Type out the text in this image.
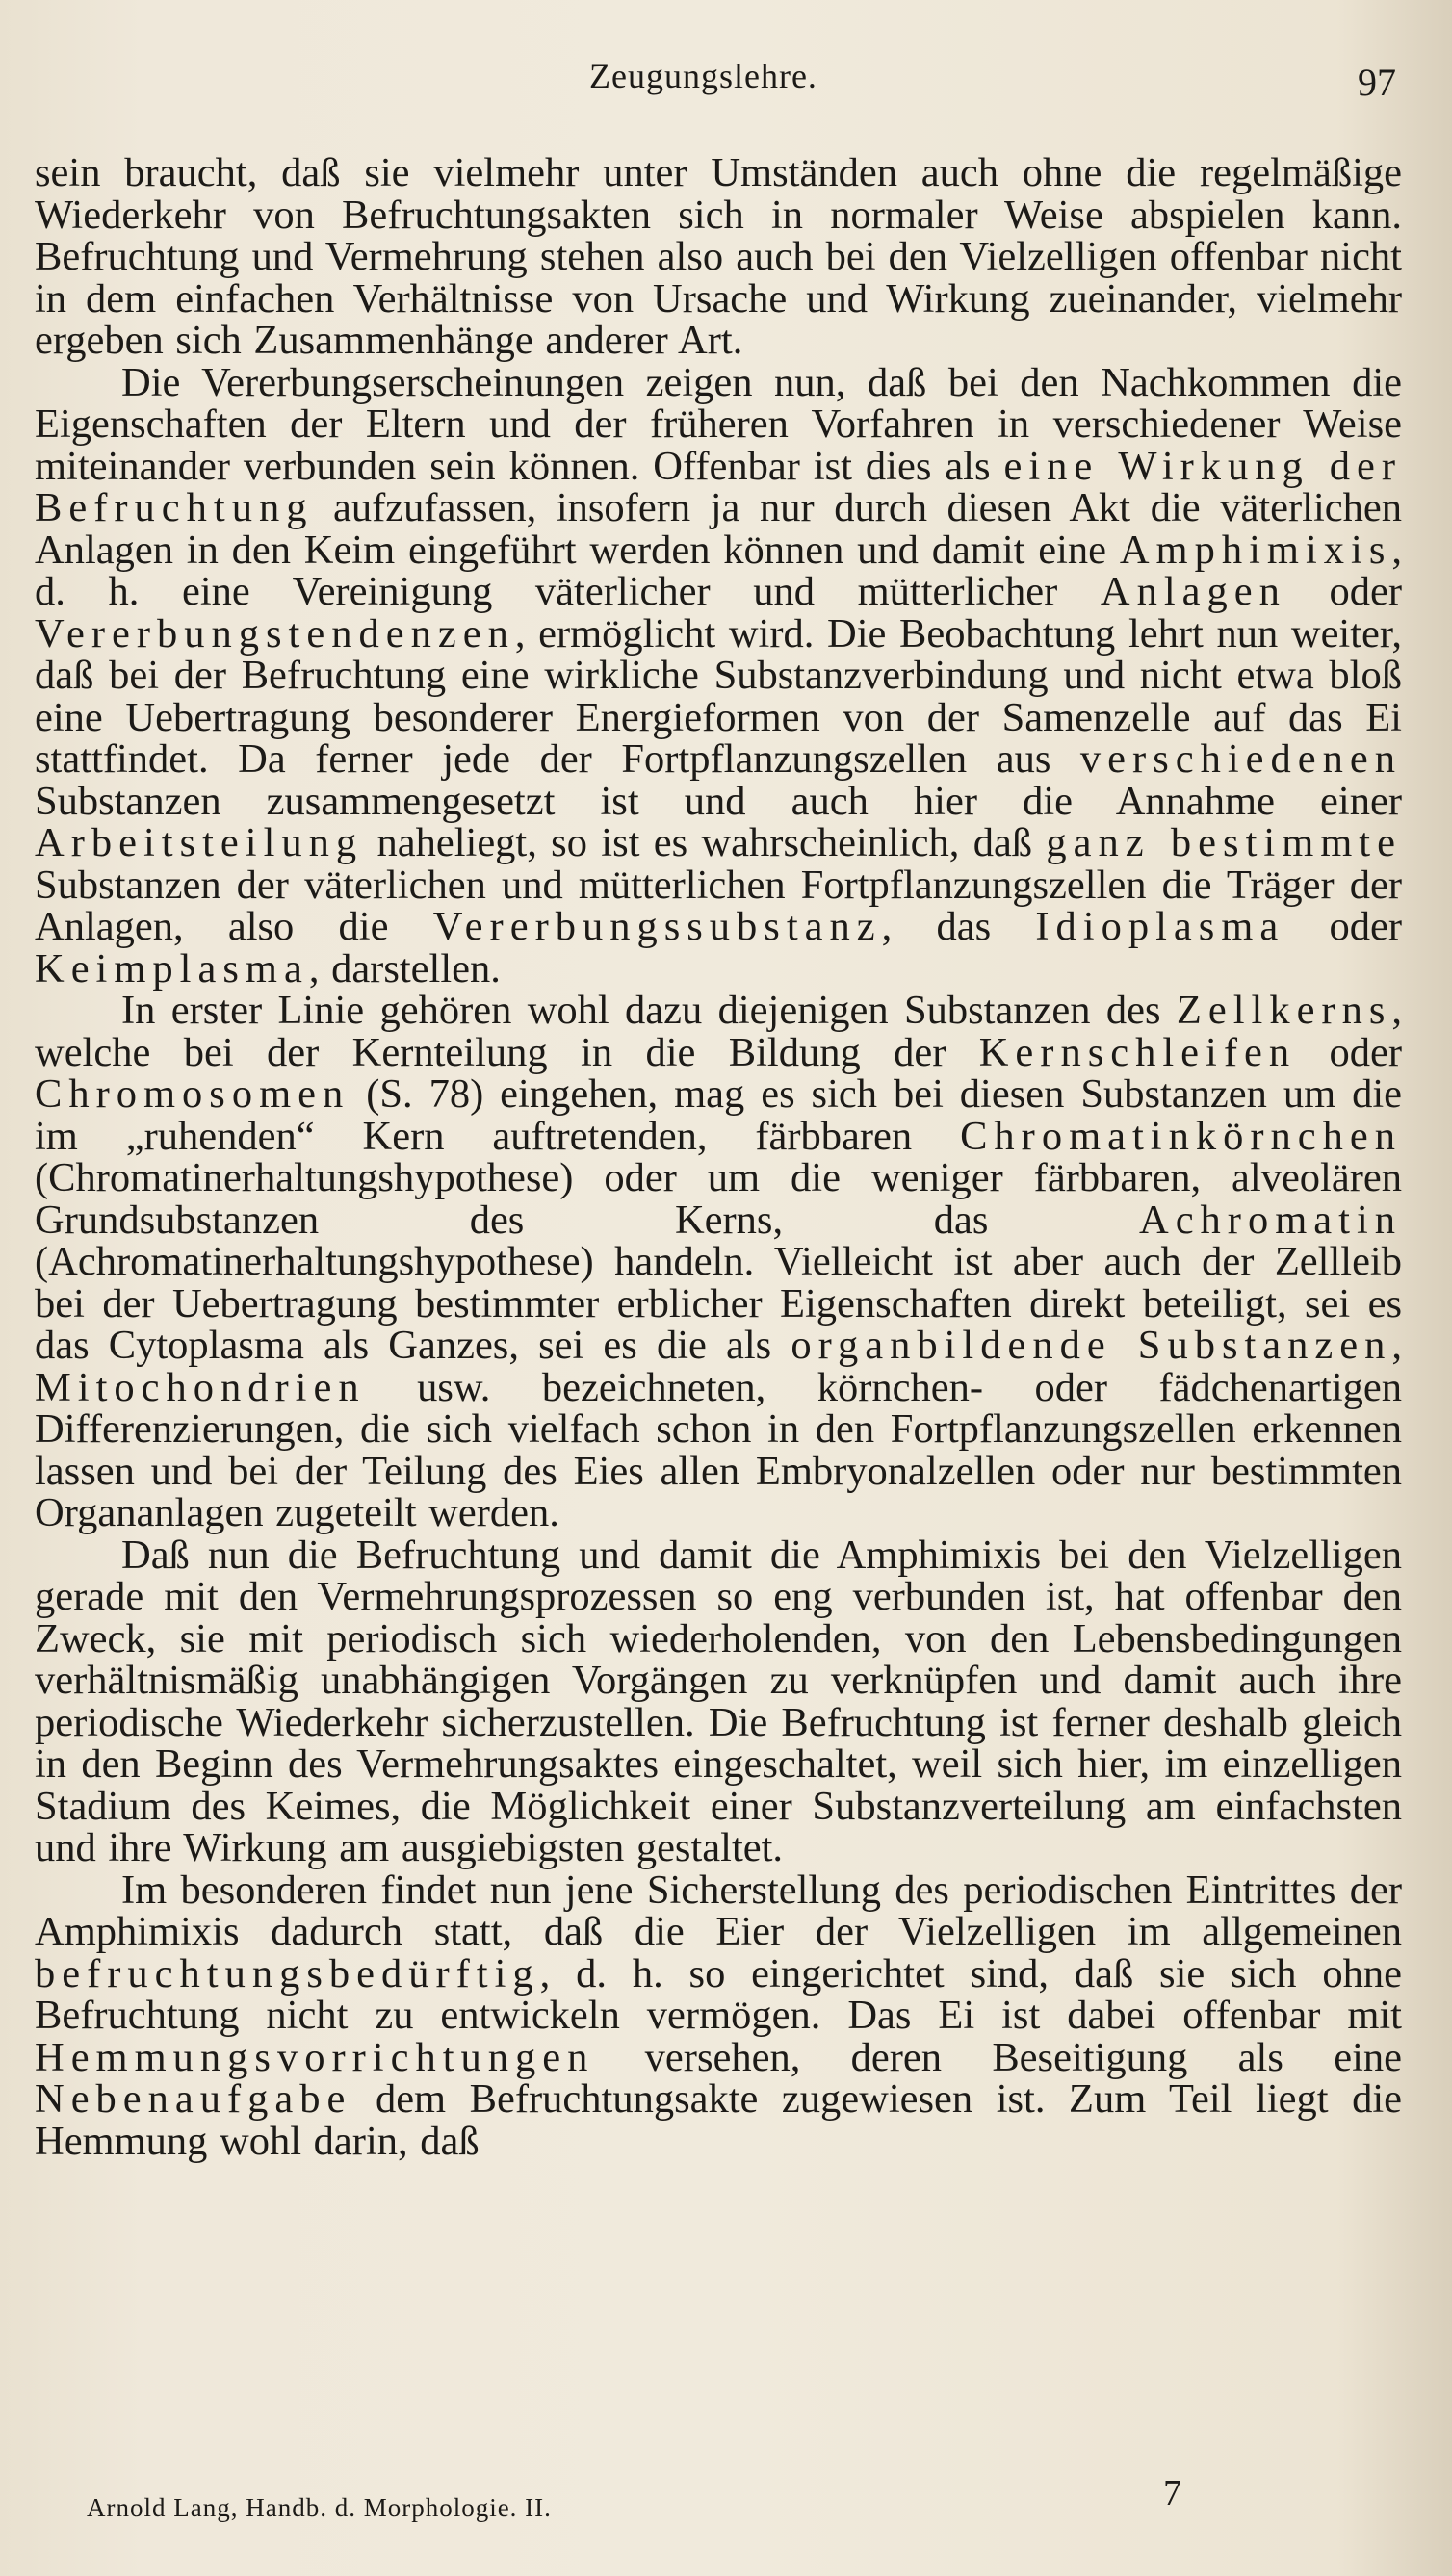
Zeugungslehre.	97

sein braucht, daß sie vielmehr unter Umständen auch ohne die regelmäßige Wiederkehr von Befruchtungsakten sich in normaler Weise abspielen kann. Befruchtung und Vermehrung stehen also auch bei den Vielzelligen offenbar nicht in dem einfachen Verhältnisse von Ursache und Wirkung zueinander, vielmehr ergeben sich Zusammenhänge anderer Art.

Die Vererbungserscheinungen zeigen nun, daß bei den Nachkommen die Eigenschaften der Eltern und der früheren Vorfahren in verschiedener Weise miteinander verbunden sein können. Offenbar ist dies als eine Wirkung der Befruchtung aufzufassen, insofern ja nur durch diesen Akt die väterlichen Anlagen in den Keim eingeführt werden können und damit eine Amphimixis, d. h. eine Vereinigung väterlicher und mütterlicher Anlagen oder Vererbungstendenzen, ermöglicht wird. Die Beobachtung lehrt nun weiter, daß bei der Befruchtung eine wirkliche Substanzverbindung und nicht etwa bloß eine Uebertragung besonderer Energieformen von der Samenzelle auf das Ei stattfindet. Da ferner jede der Fortpflanzungszellen aus verschiedenen Substanzen zusammengesetzt ist und auch hier die Annahme einer Arbeitsteilung naheliegt, so ist es wahrscheinlich, daß ganz bestimmte Substanzen der väterlichen und mütterlichen Fortpflanzungszellen die Träger der Anlagen, also die Vererbungssubstanz, das Idioplasma oder Keimplasma, darstellen.

In erster Linie gehören wohl dazu diejenigen Substanzen des Zellkerns, welche bei der Kernteilung in die Bildung der Kernschleifen oder Chromosomen (S. 78) eingehen, mag es sich bei diesen Substanzen um die im „ruhenden“ Kern auftretenden, färbbaren Chromatinkörnchen (Chromatinerhaltungshypothese) oder um die weniger färbbaren, alveolären Grundsubstanzen des Kerns, das Achromatin (Achromatinerhaltungshypothese) handeln. Vielleicht ist aber auch der Zellleib bei der Uebertragung bestimmter erblicher Eigenschaften direkt beteiligt, sei es das Cytoplasma als Ganzes, sei es die als organbildende Substanzen, Mitochondrien usw. bezeichneten, körnchen- oder fädchenartigen Differenzierungen, die sich vielfach schon in den Fortpflanzungszellen erkennen lassen und bei der Teilung des Eies allen Embryonalzellen oder nur bestimmten Organanlagen zugeteilt werden.

Daß nun die Befruchtung und damit die Amphimixis bei den Vielzelligen gerade mit den Vermehrungsprozessen so eng verbunden ist, hat offenbar den Zweck, sie mit periodisch sich wiederholenden, von den Lebensbedingungen verhältnismäßig unabhängigen Vorgängen zu verknüpfen und damit auch ihre periodische Wiederkehr sicherzustellen. Die Befruchtung ist ferner deshalb gleich in den Beginn des Vermehrungsaktes eingeschaltet, weil sich hier, im einzelligen Stadium des Keimes, die Möglichkeit einer Substanzverteilung am einfachsten und ihre Wirkung am ausgiebigsten gestaltet.

Im besonderen findet nun jene Sicherstellung des periodischen Eintrittes der Amphimixis dadurch statt, daß die Eier der Vielzelligen im allgemeinen befruchtungsbedürftig, d. h. so eingerichtet sind, daß sie sich ohne Befruchtung nicht zu entwickeln vermögen. Das Ei ist dabei offenbar mit Hemmungsvorrichtungen versehen, deren Beseitigung als eine Nebenaufgabe dem Befruchtungsakte zugewiesen ist. Zum Teil liegt die Hemmung wohl darin, daß

Arnold Lang, Handb. d. Morphologie. II.	7
